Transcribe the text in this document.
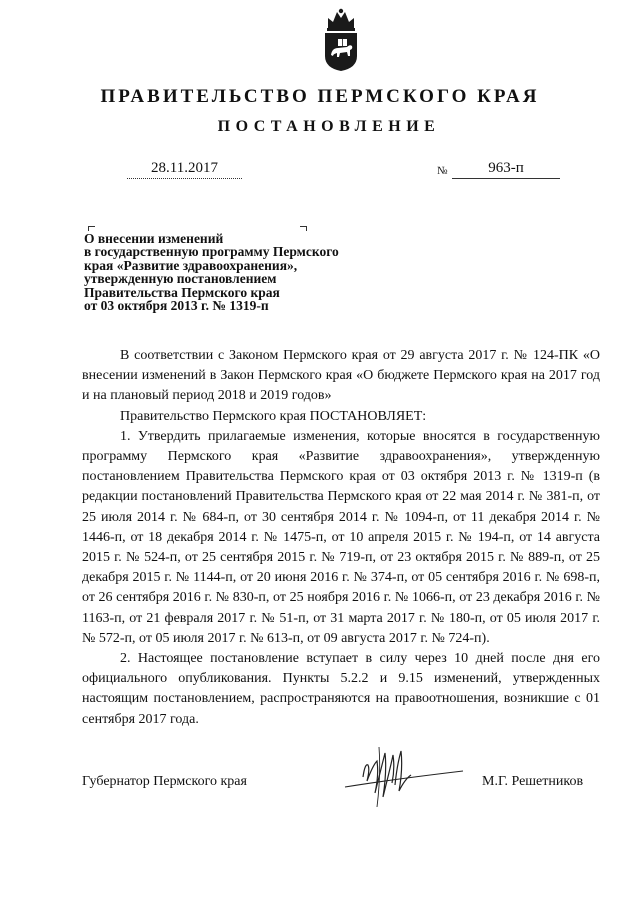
ПРАВИТЕЛЬСТВО ПЕРМСКОГО КРАЯ
ПОСТАНОВЛЕНИЕ
28.11.2017	№	963-п
О внесении изменений
в государственную программу Пермского
края «Развитие здравоохранения»,
утвержденную постановлением
Правительства Пермского края
от 03 октября 2013 г. № 1319-п

В соответствии с Законом Пермского края от 29 августа 2017 г. № 124-ПК «О внесении изменений в Закон Пермского края «О бюджете Пермского края на 2017 год и на плановый период 2018 и 2019 годов»

Правительство Пермского края ПОСТАНОВЛЯЕТ:

1. Утвердить прилагаемые изменения, которые вносятся в государственную программу Пермского края «Развитие здравоохранения», утвержденную постановлением Правительства Пермского края от 03 октября 2013 г. № 1319-п (в редакции постановлений Правительства Пермского края от 22 мая 2014 г. № 381-п, от 25 июля 2014 г. № 684-п, от 30 сентября 2014 г. № 1094-п, от 11 декабря 2014 г. № 1446-п, от 18 декабря 2014 г. № 1475-п, от 10 апреля 2015 г. № 194-п, от 14 августа 2015 г. № 524-п, от 25 сентября 2015 г. № 719-п, от 23 октября 2015 г. № 889-п, от 25 декабря 2015 г. № 1144-п, от 20 июня 2016 г. № 374-п, от 05 сентября 2016 г. № 698-п, от 26 сентября 2016 г. № 830-п, от 25 ноября 2016 г. № 1066-п, от 23 декабря 2016 г. № 1163-п, от 21 февраля 2017 г. № 51-п, от 31 марта 2017 г. № 180-п, от 05 июля 2017 г. № 572-п, от 05 июля 2017 г. № 613-п, от 09 августа 2017 г. № 724-п).

2. Настоящее постановление вступает в силу через 10 дней после дня его официального опубликования. Пункты 5.2.2 и 9.15 изменений, утвержденных настоящим постановлением, распространяются на правоотношения, возникшие с 01 сентября 2017 года.

Губернатор Пермского края	М.Г. Решетников
